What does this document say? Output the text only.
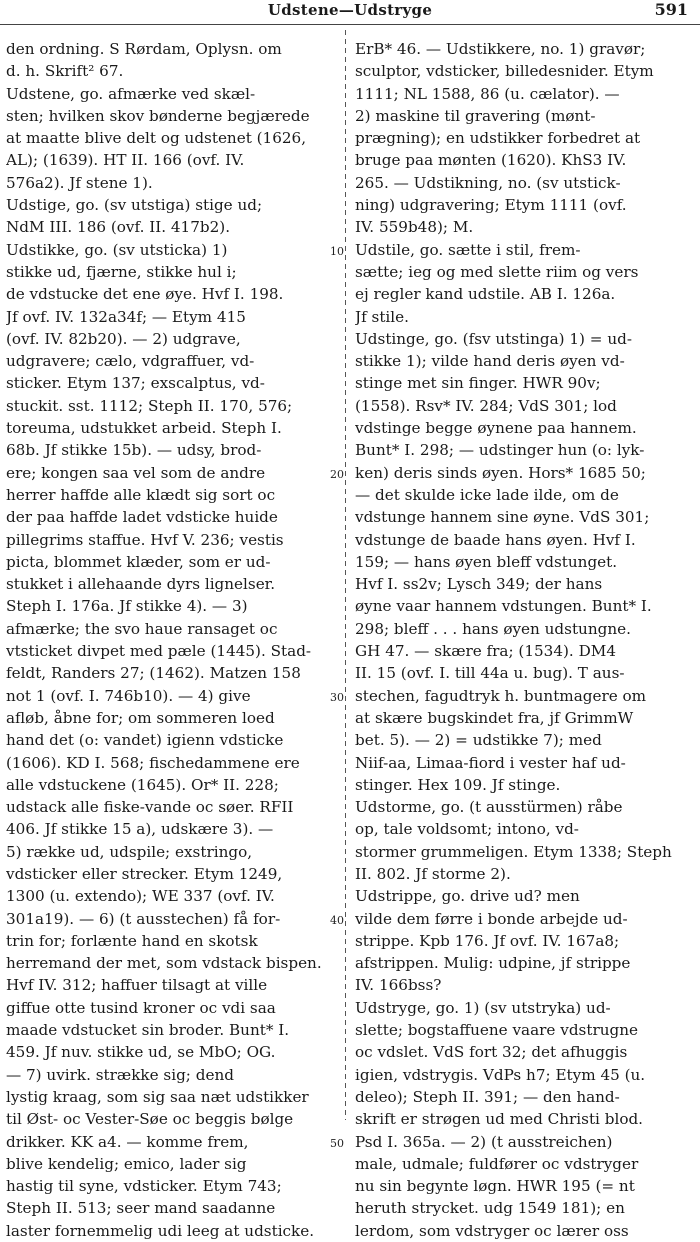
Udstene—Udstryge	591
den ordning. S Rørdam, Oplysn. om
d. h. Skrift² 67.
Udstene, go. afmærke ved skæl-
sten; hvilken skov bønderne begjærede
at maatte blive delt og udstenet (1626,
AL); (1639). HT II. 166 (ovf. IV.
576a2). Jf stene 1).
Udstige, go. (sv utstiga) stige ud;
NdM III. 186 (ovf. II. 417b2).
Udstikke, go. (sv utsticka) 1)
stikke ud, fjærne, stikke hul i;
de vdstucke det ene øye. Hvf I. 198.
Jf ovf. IV. 132a34f; — Etym 415
(ovf. IV. 82b20). — 2) udgrave,
udgravere; cælo, vdgraffuer, vd-
sticker. Etym 137; exscalptus, vd-
stuckit. sst. 1112; Steph II. 170, 576;
toreuma, udstukket arbeid. Steph I.
68b. Jf stikke 15b). — udsy, brod-
ere; kongen saa vel som de andre
herrer haffde alle klædt sig sort oc
der paa haffde ladet vdsticke huide
pillegrims staffue. Hvf V. 236; vestis
picta, blommet klæder, som er ud-
stukket i allehaande dyrs lignelser.
Steph I. 176a. Jf stikke 4). — 3)
afmærke; the svo haue ransaget oc
vtsticket divpet med pæle (1445). Stad-
feldt, Randers 27; (1462). Matzen 158
not 1 (ovf. I. 746b10). — 4) give
afløb, åbne for; om sommeren loed
hand det (o: vandet) igienn vdsticke
(1606). KD I. 568; fischedammene ere
alle vdstuckene (1645). Or* II. 228;
udstack alle fiske-vande oc søer. RFII
406. Jf stikke 15 a), udskære 3). —
5) række ud, udspile; exstringo,
vdsticker eller strecker. Etym 1249,
1300 (u. extendo); WE 337 (ovf. IV.
301a19). — 6) (t ausstechen) få for-
trin for; forlænte hand en skotsk
herremand der met, som vdstack bispen.
Hvf IV. 312; haffuer tilsagt at ville
giffue otte tusind kroner oc vdi saa
maade vdstucket sin broder. Bunt* I.
459. Jf nuv. stikke ud, se MbO; OG.
— 7) uvirk. strække sig; dend
lystig kraag, som sig saa næt udstikker
til Øst- oc Vester-Søe oc beggis bølge
drikker. KK a4. — komme frem,
blive kendelig; emico, lader sig
hastig til syne, vdsticker. Etym 743;
Steph II. 513; seer mand saadanne
laster fornemmelig udi leeg at udsticke.
ErB* 46. — Udstikkere, no. 1) gravør;
sculptor, vdsticker, billedesnider. Etym
1111; NL 1588, 86 (u. cælator). —
2) maskine til gravering (mønt-
prægning); en udstikker forbedret at
bruge paa mønten (1620). KhS3 IV.
265. — Udstikning, no. (sv utstick-
ning) udgravering; Etym 1111 (ovf.
IV. 559b48); M.
Udstile, go. sætte i stil, frem-
sætte; ieg og med slette riim og vers
ej regler kand udstile. AB I. 126a.
Jf stile.
Udstinge, go. (fsv utstinga) 1) = ud-
stikke 1); vilde hand deris øyen vd-
stinge met sin finger. HWR 90v;
(1558). Rsv* IV. 284; VdS 301; lod
vdstinge begge øynene paa hannem.
Bunt* I. 298; — udstinger hun (o: lyk-
ken) deris sinds øyen. Hors* 1685 50;
— det skulde icke lade ilde, om de
vdstunge hannem sine øyne. VdS 301;
vdstunge de baade hans øyen. Hvf I.
159; — hans øyen bleff vdstunget.
Hvf I. ss2v; Lysch 349; der hans
øyne vaar hannem vdstungen. Bunt* I.
298; bleff . . . hans øyen udstungne.
GH 47. — skære fra; (1534). DM4
II. 15 (ovf. I. till 44a u. bug). T aus-
stechen, fagudtryk h. buntmagere om
at skære bugskindet fra, jf GrimmW
bet. 5). — 2) = udstikke 7); med
Niif-aa, Limaa-fiord i vester haf ud-
stinger. Hex 109. Jf stinge.
Udstorme, go. (t ausstürmen) råbe
op, tale voldsomt; intono, vd-
stormer grummeligen. Etym 1338; Steph
II. 802. Jf storme 2).
Udstrippe, go. drive ud? men
vilde dem førre i bonde arbejde ud-
strippe. Kpb 176. Jf ovf. IV. 167a8;
afstrippen. Mulig: udpine, jf strippe
IV. 166bss?
Udstryge, go. 1) (sv utstryka) ud-
slette; bogstaffuene vaare vdstrugne
oc vdslet. VdS fort 32; det afhuggis
igien, vdstrygis. VdPs h7; Etym 45 (u.
deleo); Steph II. 391; — den hand-
skrift er strøgen ud med Christi blod.
Psd I. 365a. — 2) (t ausstreichen)
male, udmale; fuldfører oc vdstryger
nu sin begynte løgn. HWR 195 (= nt
heruth strycket. udg 1549 181); en
lerdom, som vdstryger oc lærer oss
10
20
30
40
50
